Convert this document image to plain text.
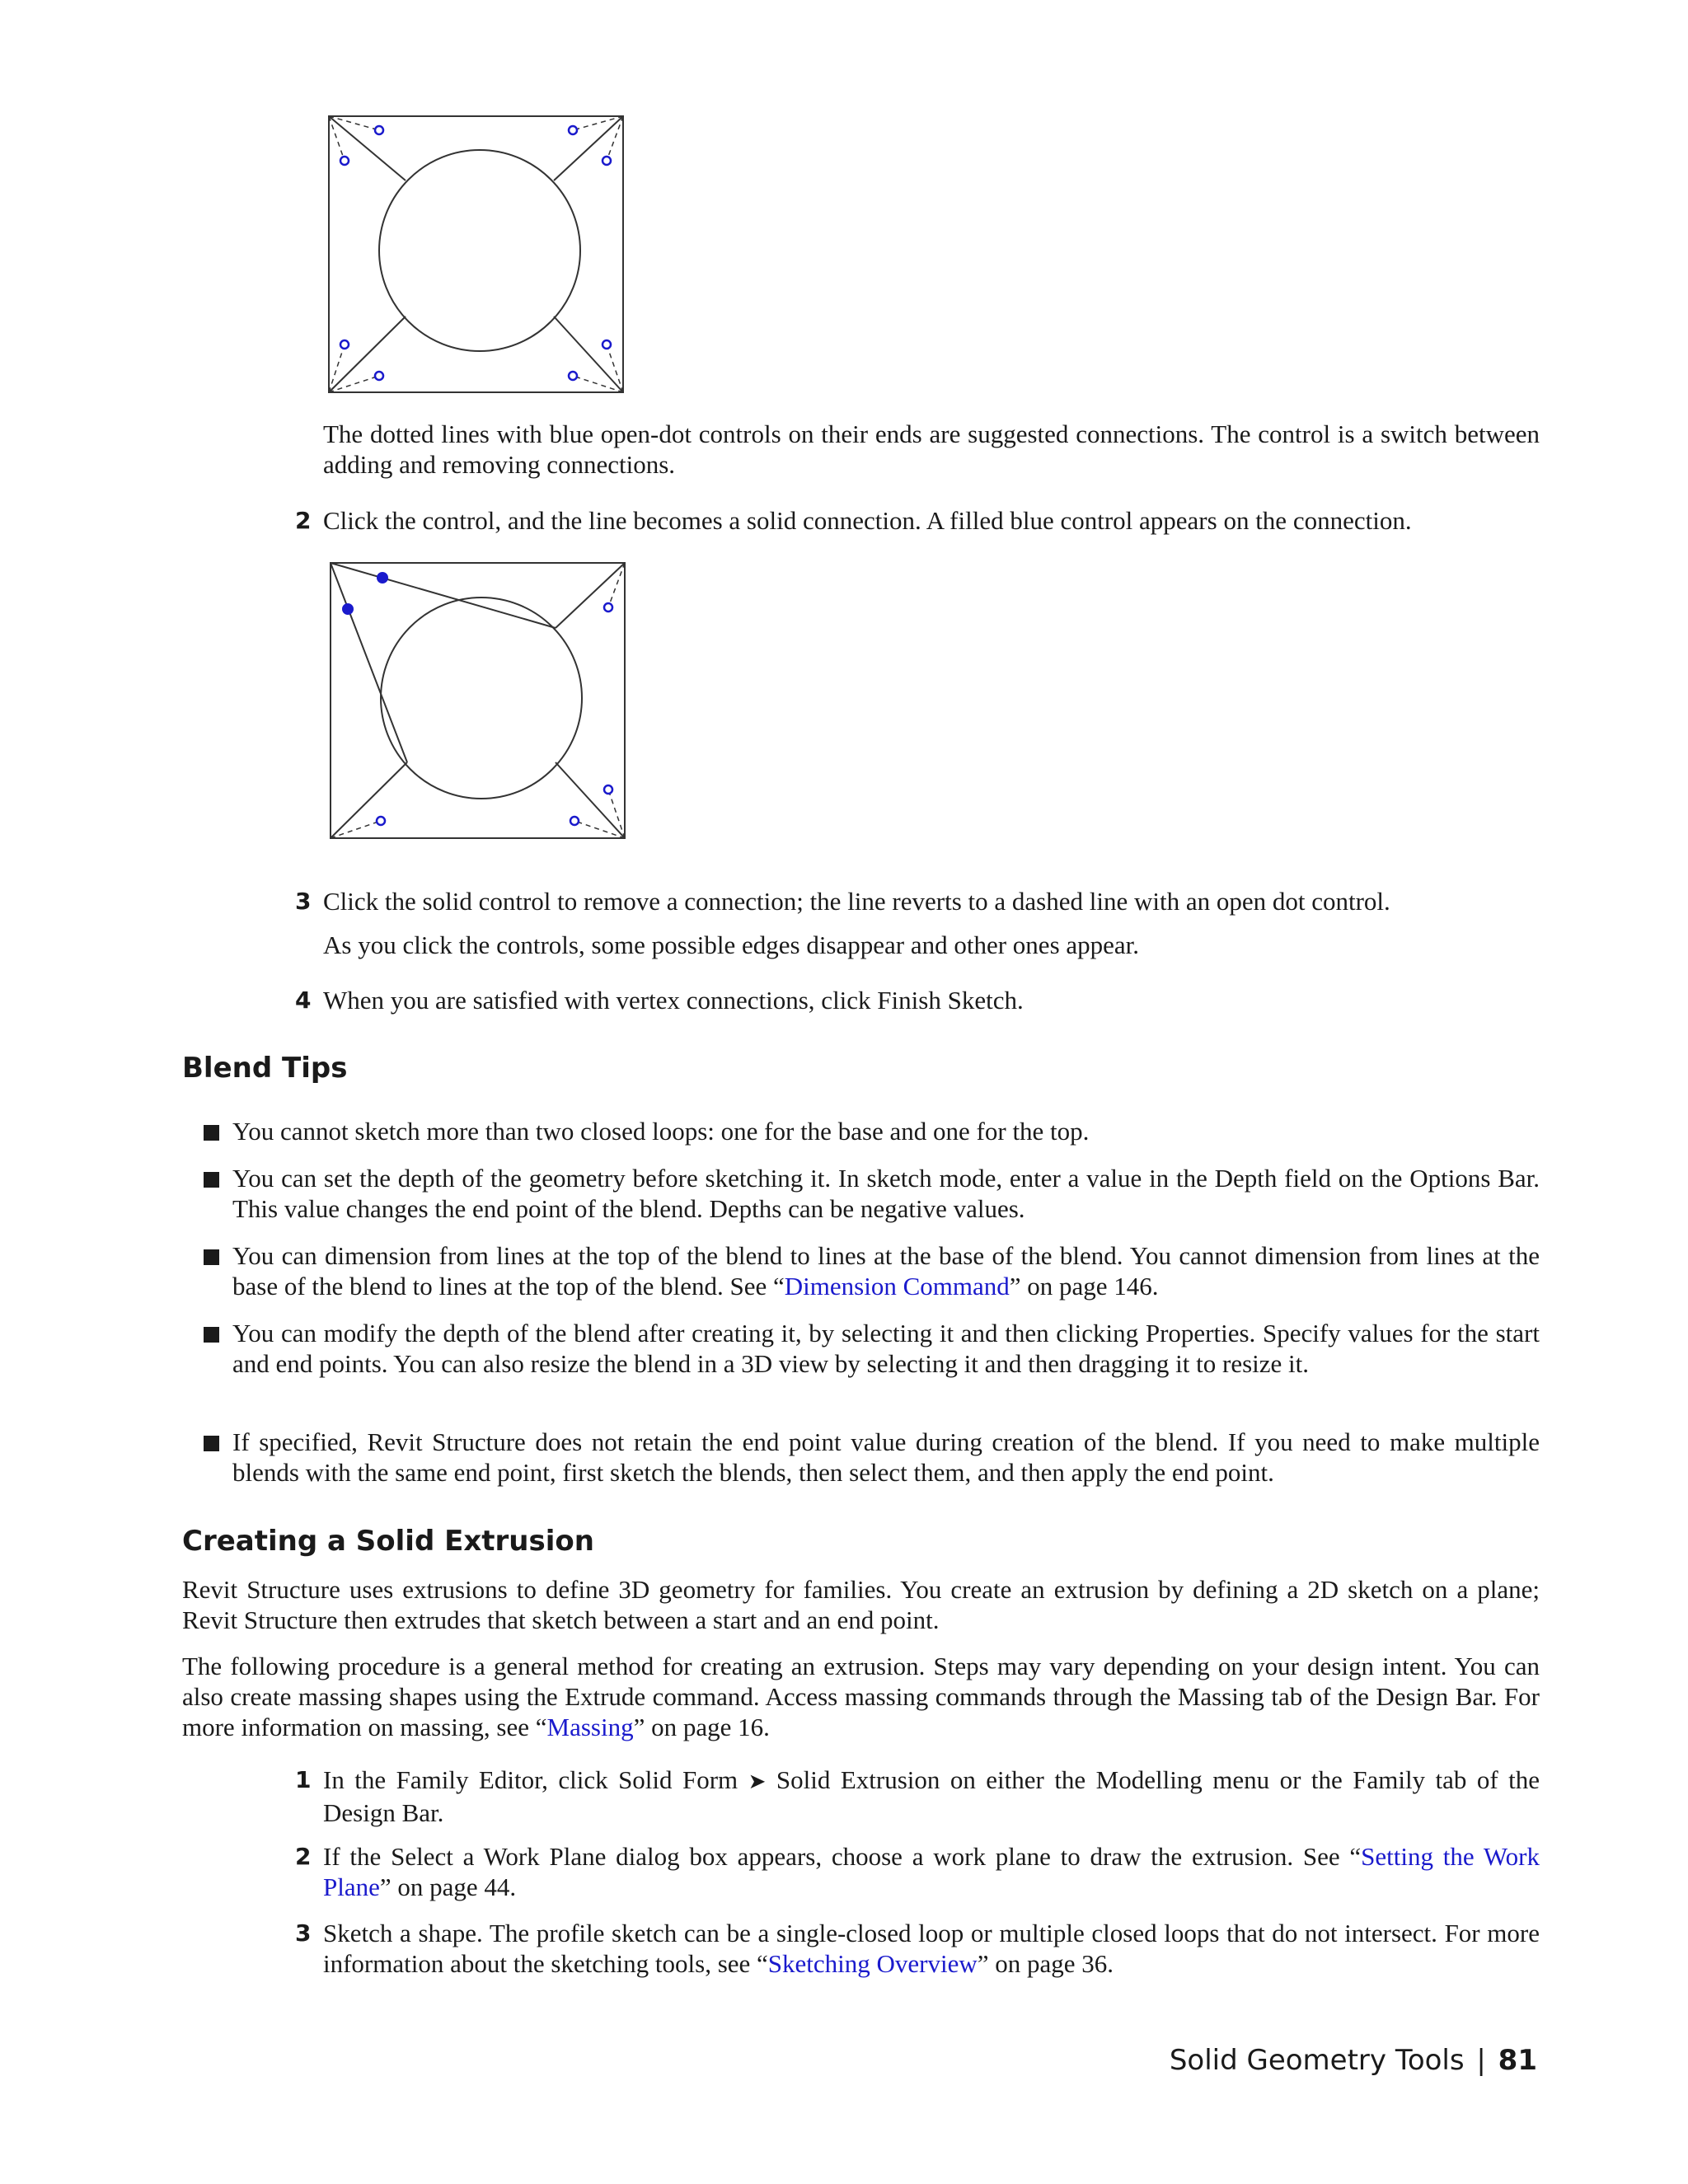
The dotted lines with blue open-dot controls on their ends are suggested connections. The control is a switch between adding and removing connections.

2 Click the control, and the line becomes a solid connection. A filled blue control appears on the connection.

3 Click the solid control to remove a connection; the line reverts to a dashed line with an open dot control.

As you click the controls, some possible edges disappear and other ones appear.

4 When you are satisfied with vertex connections, click Finish Sketch.

Blend Tips

You cannot sketch more than two closed loops: one for the base and one for the top.

You can set the depth of the geometry before sketching it. In sketch mode, enter a value in the Depth field on the Options Bar. This value changes the end point of the blend. Depths can be negative values.

You can dimension from lines at the top of the blend to lines at the base of the blend. You cannot dimension from lines at the base of the blend to lines at the top of the blend. See “Dimension Command” on page 146.

You can modify the depth of the blend after creating it, by selecting it and then clicking Properties. Specify values for the start and end points. You can also resize the blend in a 3D view by selecting it and then dragging it to resize it.

If specified, Revit Structure does not retain the end point value during creation of the blend. If you need to make multiple blends with the same end point, first sketch the blends, then select them, and then apply the end point.

Creating a Solid Extrusion

Revit Structure uses extrusions to define 3D geometry for families. You create an extrusion by defining a 2D sketch on a plane; Revit Structure then extrudes that sketch between a start and an end point.

The following procedure is a general method for creating an extrusion. Steps may vary depending on your design intent. You can also create massing shapes using the Extrude command. Access massing commands through the Massing tab of the Design Bar. For more information on massing, see “Massing” on page 16.

1 In the Family Editor, click Solid Form ➤ Solid Extrusion on either the Modelling menu or the Family tab of the Design Bar.

2 If the Select a Work Plane dialog box appears, choose a work plane to draw the extrusion. See “Setting the Work Plane” on page 44.

3 Sketch a shape. The profile sketch can be a single-closed loop or multiple closed loops that do not intersect. For more information about the sketching tools, see “Sketching Overview” on page 36.

Solid Geometry Tools | 81
